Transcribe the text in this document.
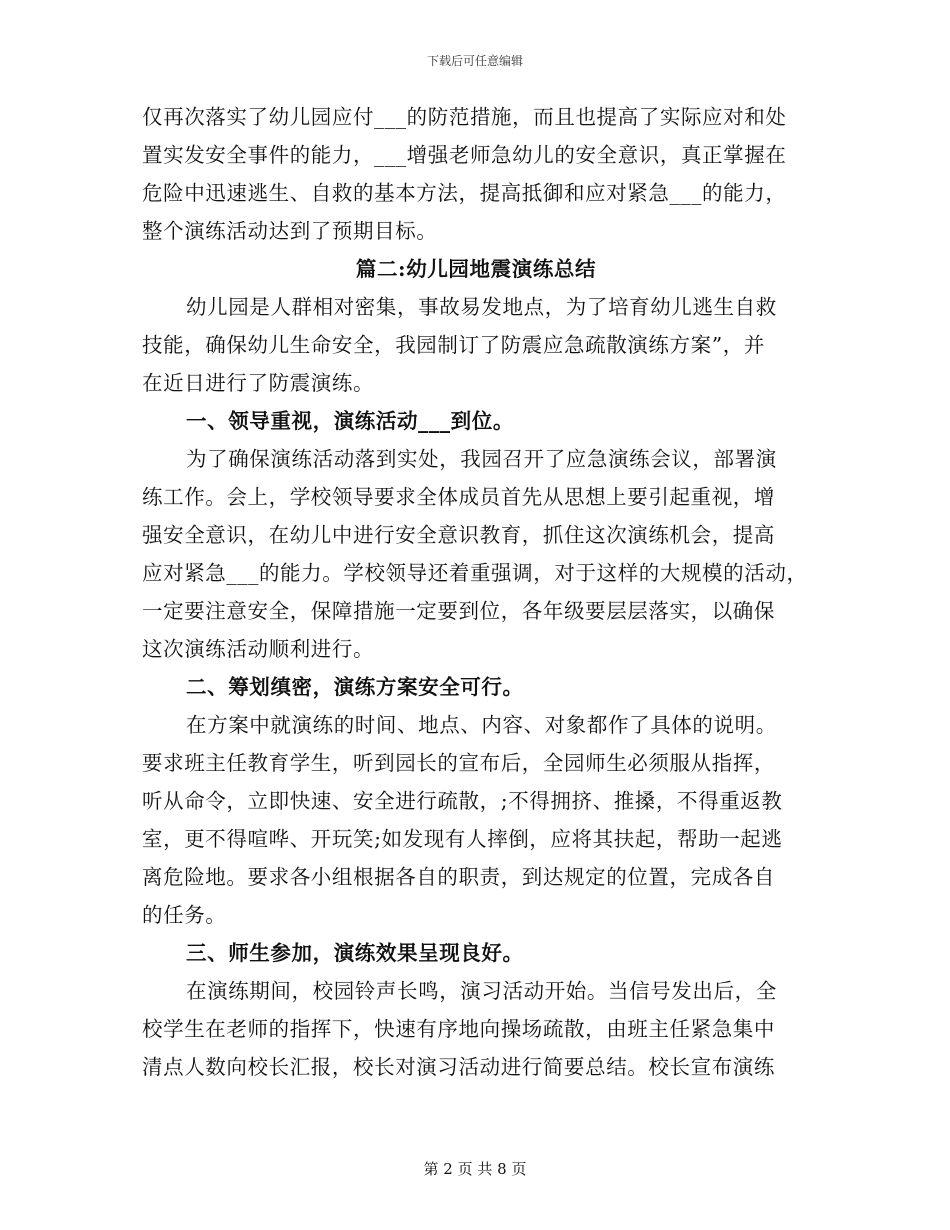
下载后可任意编辑
仅再次落实了幼儿园应付___的防范措施，而且也提高了实际应对和处
置实发安全事件的能力，___增强老师急幼儿的安全意识，真正掌握在
危险中迅速逃生、自救的基本方法，提高抵御和应对紧急___的能力，
整个演练活动达到了预期目标。
篇二:幼儿园地震演练总结
幼儿园是人群相对密集，事故易发地点，为了培育幼儿逃生自救
技能，确保幼儿生命安全，我园制订了防震应急疏散演练方案”，并
在近日进行了防震演练。
一、领导重视，演练活动___到位。
为了确保演练活动落到实处，我园召开了应急演练会议，部署演
练工作。会上，学校领导要求全体成员首先从思想上要引起重视，增
强安全意识，在幼儿中进行安全意识教育，抓住这次演练机会，提高
应对紧急___的能力。学校领导还着重强调，对于这样的大规模的活动，
一定要注意安全，保障措施一定要到位，各年级要层层落实，以确保
这次演练活动顺利进行。
二、筹划缜密，演练方案安全可行。
在方案中就演练的时间、地点、内容、对象都作了具体的说明。
要求班主任教育学生，听到园长的宣布后，全园师生必须服从指挥，
听从命令，立即快速、安全进行疏散，;不得拥挤、推搡，不得重返教
室，更不得喧哗、开玩笑;如发现有人摔倒，应将其扶起，帮助一起逃
离危险地。要求各小组根据各自的职责，到达规定的位置，完成各自
的任务。
三、师生参加，演练效果呈现良好。
在演练期间，校园铃声长鸣，演习活动开始。当信号发出后，全
校学生在老师的指挥下，快速有序地向操场疏散，由班主任紧急集中
清点人数向校长汇报，校长对演习活动进行简要总结。校长宣布演练
第 2 页 共 8 页
